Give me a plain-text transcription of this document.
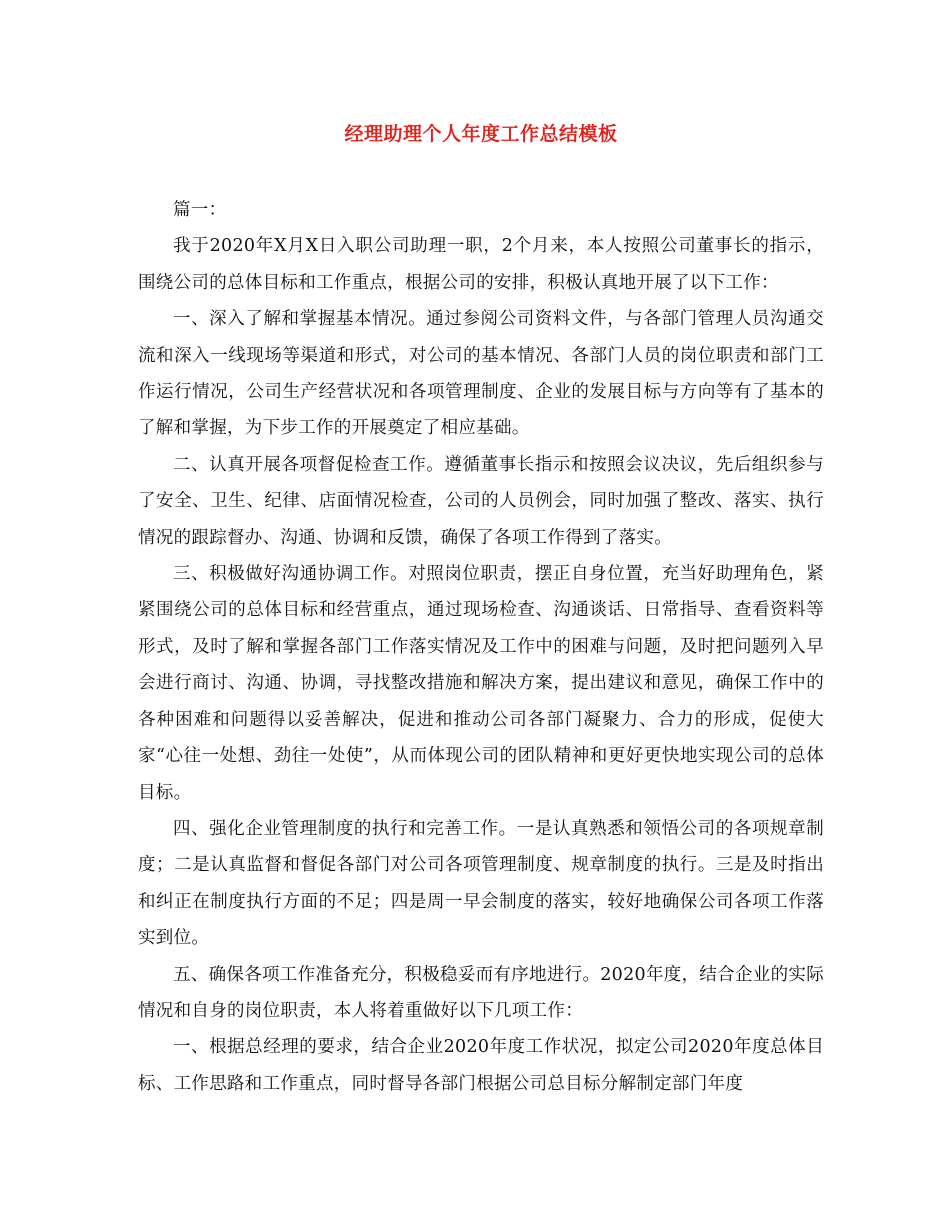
经理助理个人年度工作总结模板

篇一：

我于2020年X月X日入职公司助理一职，2个月来，本人按照公司董事长的指示，围绕公司的总体目标和工作重点，根据公司的安排，积极认真地开展了以下工作：

一、深入了解和掌握基本情况。通过参阅公司资料文件，与各部门管理人员沟通交流和深入一线现场等渠道和形式，对公司的基本情况、各部门人员的岗位职责和部门工作运行情况，公司生产经营状况和各项管理制度、企业的发展目标与方向等有了基本的了解和掌握，为下步工作的开展奠定了相应基础。

二、认真开展各项督促检查工作。遵循董事长指示和按照会议决议，先后组织参与了安全、卫生、纪律、店面情况检查，公司的人员例会，同时加强了整改、落实、执行情况的跟踪督办、沟通、协调和反馈，确保了各项工作得到了落实。

三、积极做好沟通协调工作。对照岗位职责，摆正自身位置，充当好助理角色，紧紧围绕公司的总体目标和经营重点，通过现场检查、沟通谈话、日常指导、查看资料等形式，及时了解和掌握各部门工作落实情况及工作中的困难与问题，及时把问题列入早会进行商讨、沟通、协调，寻找整改措施和解决方案，提出建议和意见，确保工作中的各种困难和问题得以妥善解决，促进和推动公司各部门凝聚力、合力的形成，促使大家“心往一处想、劲往一处使”，从而体现公司的团队精神和更好更快地实现公司的总体目标。

四、强化企业管理制度的执行和完善工作。一是认真熟悉和领悟公司的各项规章制度；二是认真监督和督促各部门对公司各项管理制度、规章制度的执行。三是及时指出和纠正在制度执行方面的不足；四是周一早会制度的落实，较好地确保公司各项工作落实到位。

五、确保各项工作准备充分，积极稳妥而有序地进行。2020年度，结合企业的实际情况和自身的岗位职责，本人将着重做好以下几项工作：

一、根据总经理的要求，结合企业2020年度工作状况，拟定公司2020年度总体目标、工作思路和工作重点，同时督导各部门根据公司总目标分解制定部门年度
